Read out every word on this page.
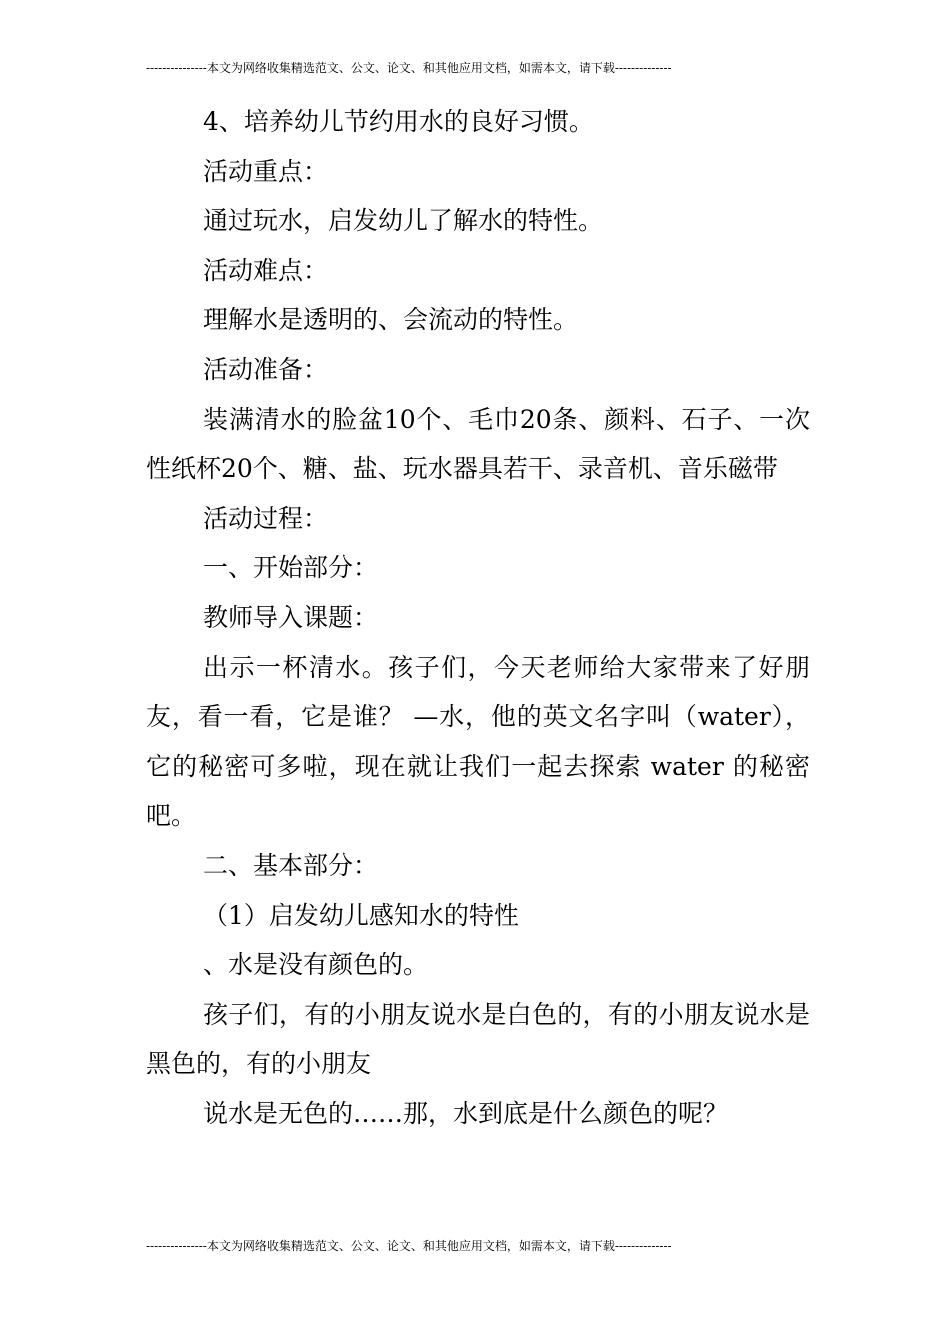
---------------本文为网络收集精选范文、公文、论文、和其他应用文档，如需本文，请下载--------------

4、培养幼儿节约用水的良好习惯。

活动重点：

通过玩水，启发幼儿了解水的特性。

活动难点：

理解水是透明的、会流动的特性。

活动准备：

装满清水的脸盆10个、毛巾20条、颜料、石子、一次性纸杯20个、糖、盐、玩水器具若干、录音机、音乐磁带

活动过程：

一、开始部分：

教师导入课题：

出示一杯清水。孩子们，今天老师给大家带来了好朋友，看一看，它是谁？ —水，他的英文名字叫（water），它的秘密可多啦，现在就让我们一起去探索 water 的秘密吧。

二、基本部分：

（1）启发幼儿感知水的特性

、水是没有颜色的。

孩子们，有的小朋友说水是白色的，有的小朋友说水是黑色的，有的小朋友

说水是无色的……那，水到底是什么颜色的呢？

---------------本文为网络收集精选范文、公文、论文、和其他应用文档，如需本文，请下载--------------
